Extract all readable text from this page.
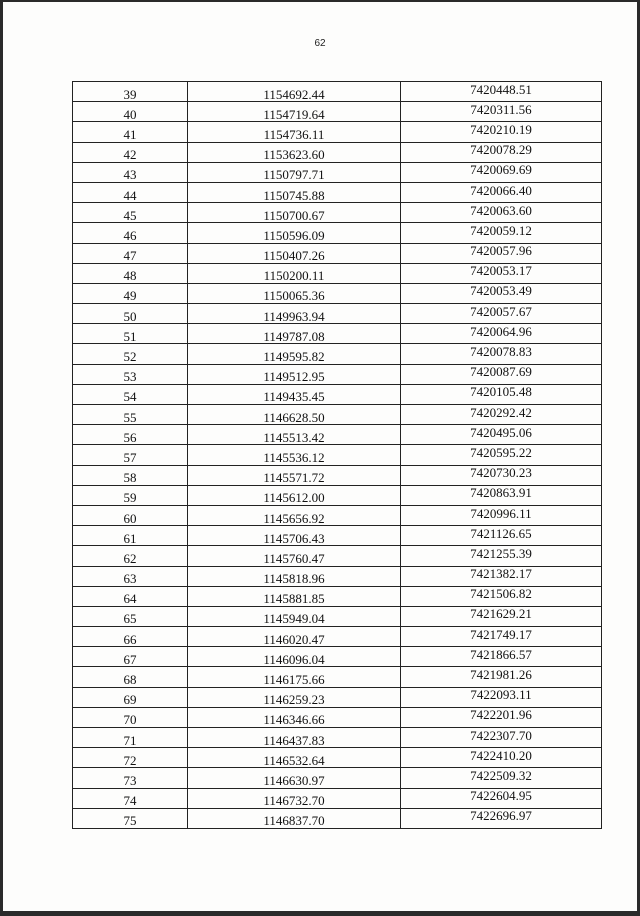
62
39	1154692.44	7420448.51
40	1154719.64	7420311.56
41	1154736.11	7420210.19
42	1153623.60	7420078.29
43	1150797.71	7420069.69
44	1150745.88	7420066.40
45	1150700.67	7420063.60
46	1150596.09	7420059.12
47	1150407.26	7420057.96
48	1150200.11	7420053.17
49	1150065.36	7420053.49
50	1149963.94	7420057.67
51	1149787.08	7420064.96
52	1149595.82	7420078.83
53	1149512.95	7420087.69
54	1149435.45	7420105.48
55	1146628.50	7420292.42
56	1145513.42	7420495.06
57	1145536.12	7420595.22
58	1145571.72	7420730.23
59	1145612.00	7420863.91
60	1145656.92	7420996.11
61	1145706.43	7421126.65
62	1145760.47	7421255.39
63	1145818.96	7421382.17
64	1145881.85	7421506.82
65	1145949.04	7421629.21
66	1146020.47	7421749.17
67	1146096.04	7421866.57
68	1146175.66	7421981.26
69	1146259.23	7422093.11
70	1146346.66	7422201.96
71	1146437.83	7422307.70
72	1146532.64	7422410.20
73	1146630.97	7422509.32
74	1146732.70	7422604.95
75	1146837.70	7422696.97
